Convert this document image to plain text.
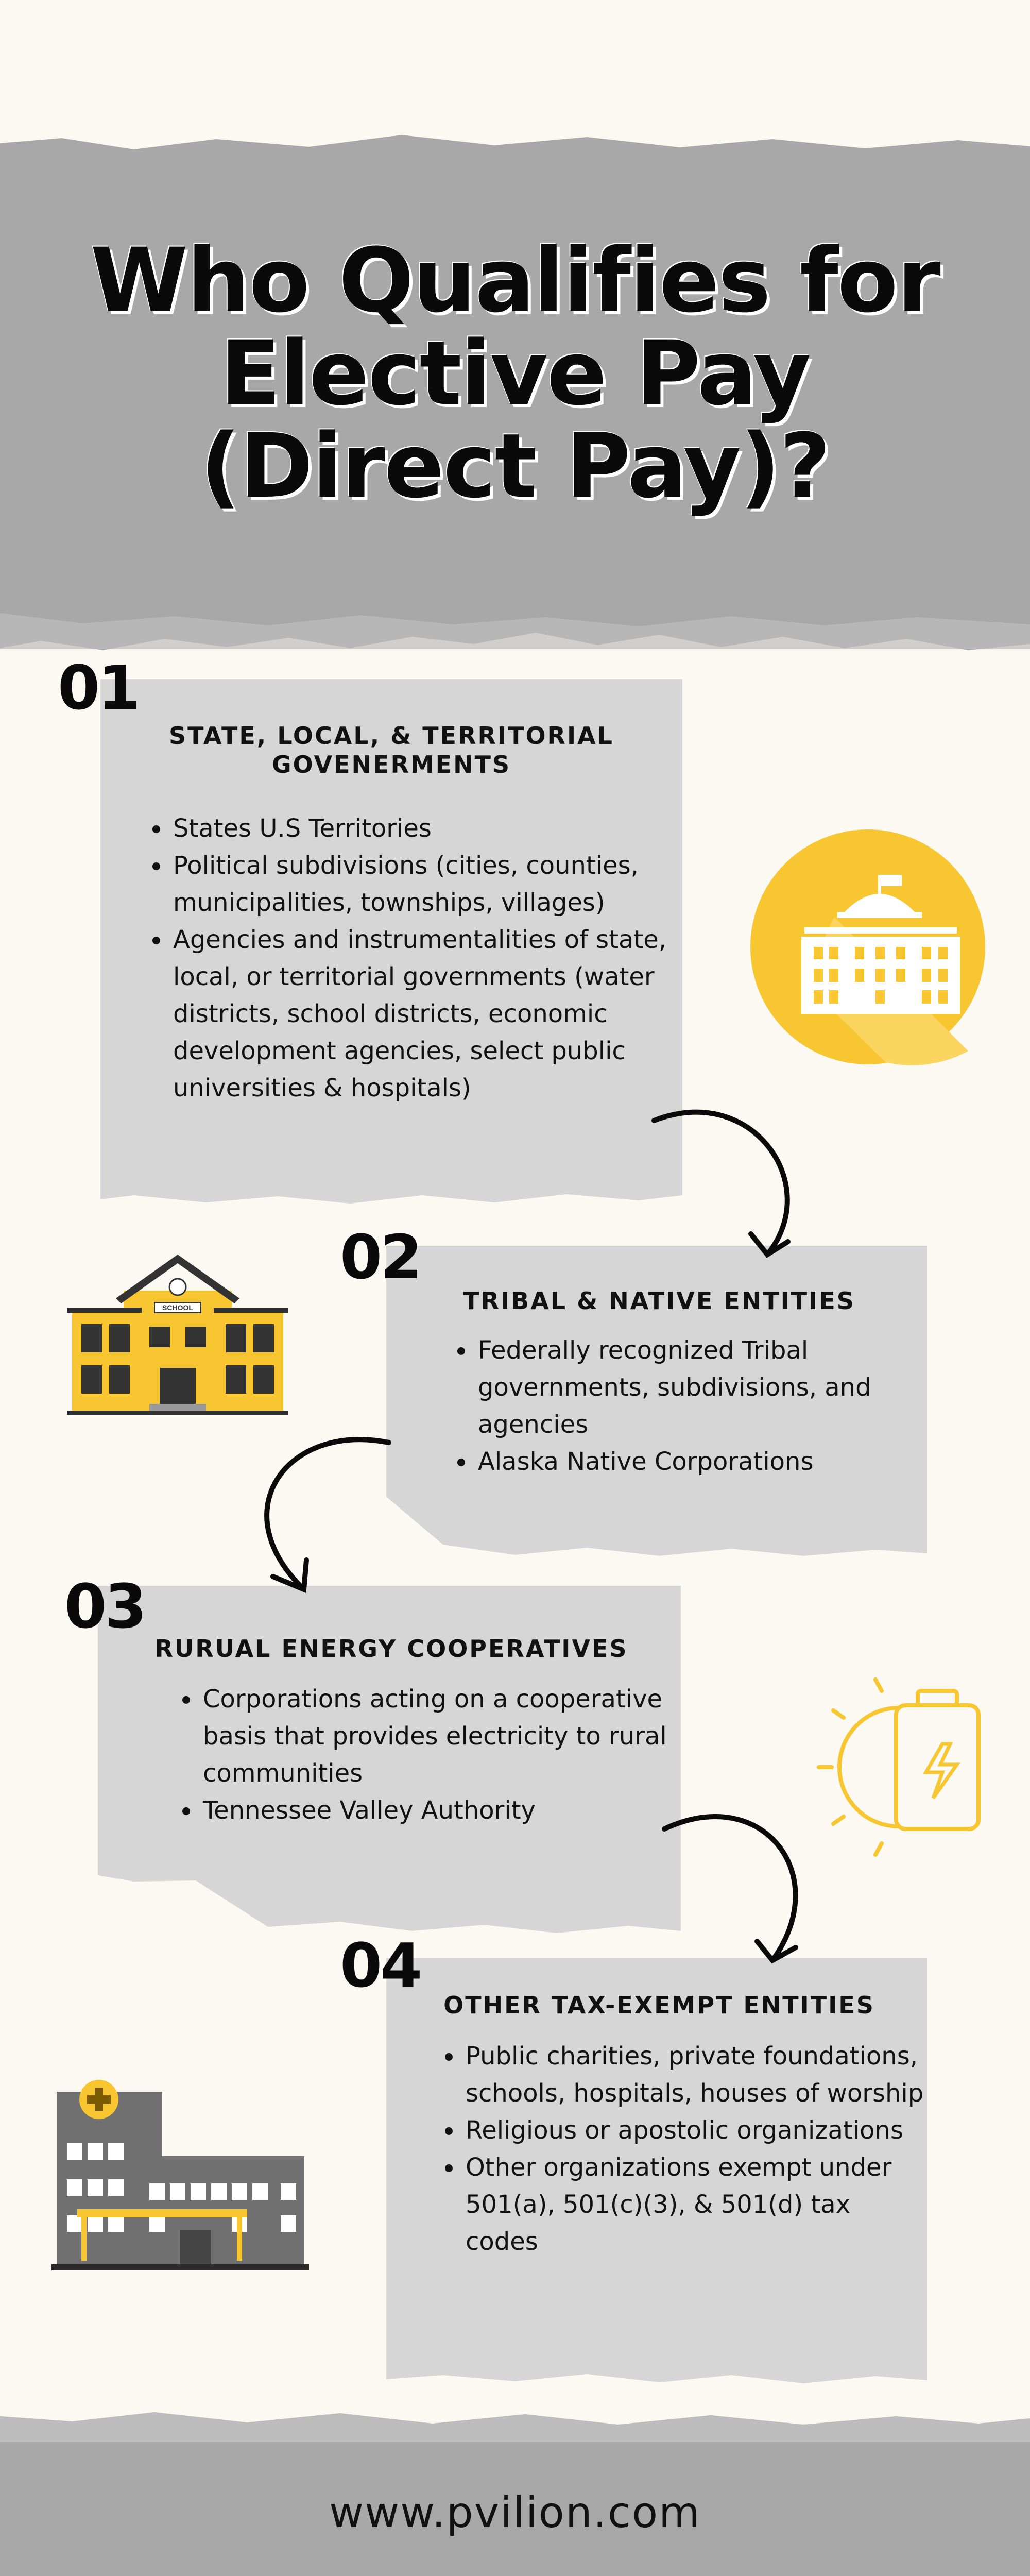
Who Qualifies for
Elective Pay
(Direct Pay)?
01
STATE, LOCAL, & TERRITORIAL
GOVENERMENTS
• States U.S Territories
• Political subdivisions (cities, counties, municipalities, townships, villages)
• Agencies and instrumentalities of state, local, or territorial governments (water districts, school districts, economic development agencies, select public universities & hospitals)
02
TRIBAL & NATIVE ENTITIES
• Federally recognized Tribal governments, subdivisions, and agencies
• Alaska Native Corporations
SCHOOL
03
RURUAL ENERGY COOPERATIVES
• Corporations acting on a cooperative basis that provides electricity to rural communities
• Tennessee Valley Authority
04
OTHER TAX-EXEMPT ENTITIES
• Public charities, private foundations, schools, hospitals, houses of worship
• Religious or apostolic organizations
• Other organizations exempt under 501(a), 501(c)(3), & 501(d) tax codes
www.pvilion.com
